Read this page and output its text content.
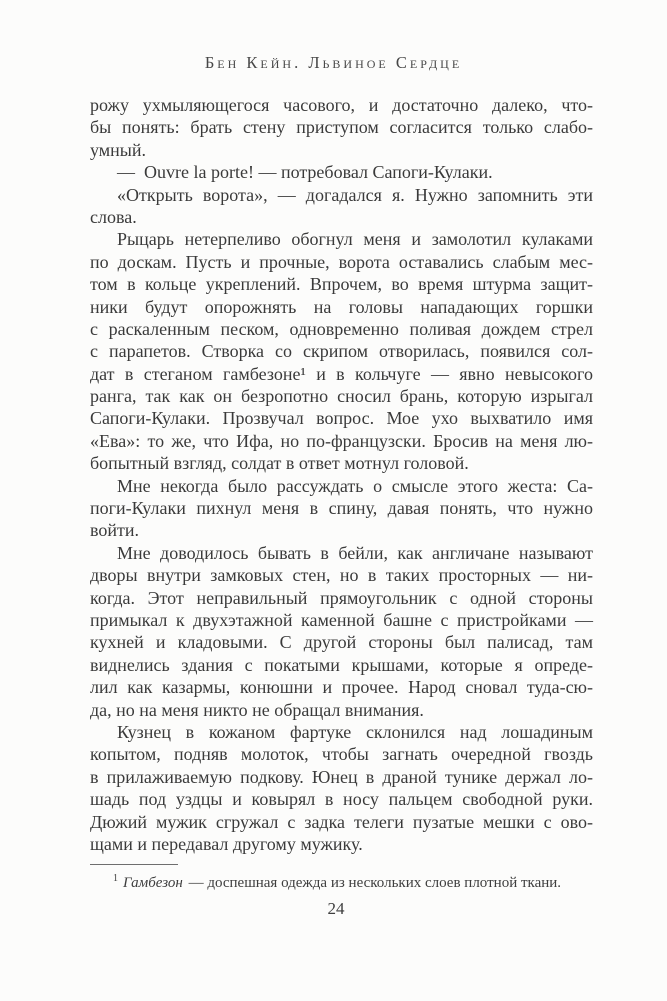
Бен Кейн. Львиное Сердце
рожу ухмыляющегося часового, и достаточно далеко, что-
бы понять: брать стену приступом согласится только слабо-
умный.
— Ouvre la porte! — потребовал Сапоги-Кулаки.
«Открыть ворота», — догадался я. Нужно запомнить эти
слова.
Рыцарь нетерпеливо обогнул меня и замолотил кулаками
по доскам. Пусть и прочные, ворота оставались слабым мес-
том в кольце укреплений. Впрочем, во время штурма защит-
ники будут опорожнять на головы нападающих горшки
с раскаленным песком, одновременно поливая дождем стрел
с парапетов. Створка со скрипом отворилась, появился сол-
дат в стеганом гамбезоне¹ и в кольчуге — явно невысокого
ранга, так как он безропотно сносил брань, которую изрыгал
Сапоги-Кулаки. Прозвучал вопрос. Мое ухо выхватило имя
«Ева»: то же, что Ифа, но по-французски. Бросив на меня лю-
бопытный взгляд, солдат в ответ мотнул головой.
Мне некогда было рассуждать о смысле этого жеста: Са-
поги-Кулаки пихнул меня в спину, давая понять, что нужно
войти.
Мне доводилось бывать в бейли, как англичане называют
дворы внутри замковых стен, но в таких просторных — ни-
когда. Этот неправильный прямоугольник с одной стороны
примыкал к двухэтажной каменной башне с пристройками —
кухней и кладовыми. С другой стороны был палисад, там
виднелись здания с покатыми крышами, которые я опреде-
лил как казармы, конюшни и прочее. Народ сновал туда-сю-
да, но на меня никто не обращал внимания.
Кузнец в кожаном фартуке склонился над лошадиным
копытом, подняв молоток, чтобы загнать очередной гвоздь
в прилаживаемую подкову. Юнец в драной тунике держал ло-
шадь под уздцы и ковырял в носу пальцем свободной руки.
Дюжий мужик сгружал с задка телеги пузатые мешки с ово-
щами и передавал другому мужику.
$^1$ Гамбезон — доспешная одежда из нескольких слоев плотной ткани.
24
